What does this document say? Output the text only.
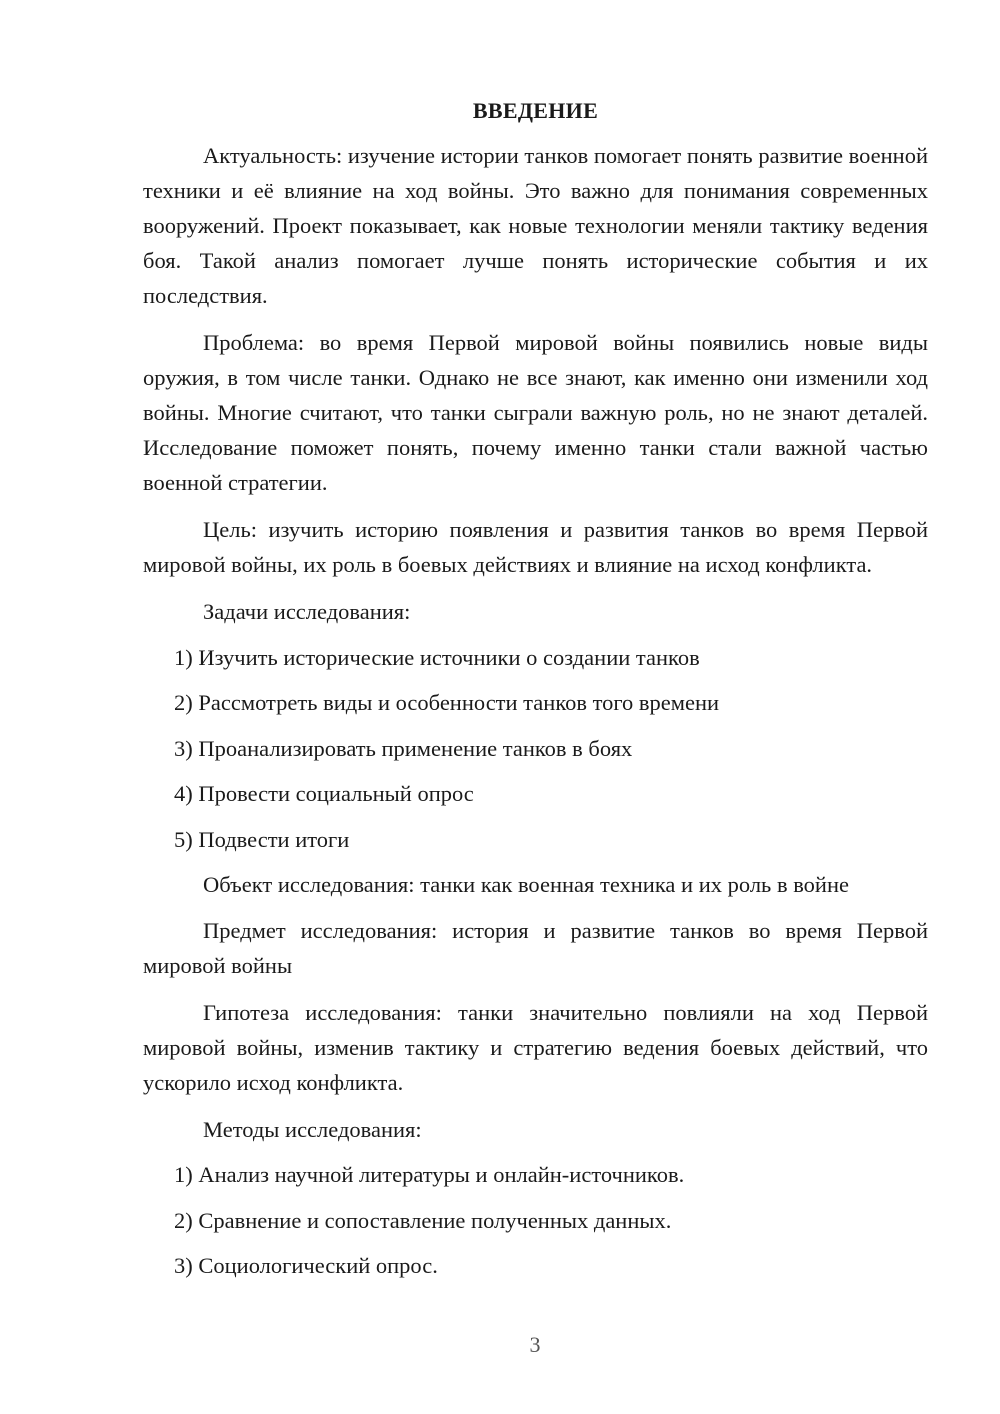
ВВЕДЕНИЕ

Актуальность: изучение истории танков помогает понять развитие военной техники и её влияние на ход войны. Это важно для понимания современных вооружений. Проект показывает, как новые технологии меняли тактику ведения боя. Такой анализ помогает лучше понять исторические события и их последствия.

Проблема: во время Первой мировой войны появились новые виды оружия, в том числе танки. Однако не все знают, как именно они изменили ход войны. Многие считают, что танки сыграли важную роль, но не знают деталей. Исследование поможет понять, почему именно танки стали важной частью военной стратегии.

Цель: изучить историю появления и развития танков во время Первой мировой войны, их роль в боевых действиях и влияние на исход конфликта.

Задачи исследования:

1) Изучить исторические источники о создании танков
2) Рассмотреть виды и особенности танков того времени
3) Проанализировать применение танков в боях
4) Провести социальный опрос
5) Подвести итоги

Объект исследования: танки как военная техника и их роль в войне

Предмет исследования: история и развитие танков во время Первой мировой войны

Гипотеза исследования: танки значительно повлияли на ход Первой мировой войны, изменив тактику и стратегию ведения боевых действий, что ускорило исход конфликта.

Методы исследования:

1) Анализ научной литературы и онлайн-источников.
2) Сравнение и сопоставление полученных данных.
3) Социологический опрос.
3
